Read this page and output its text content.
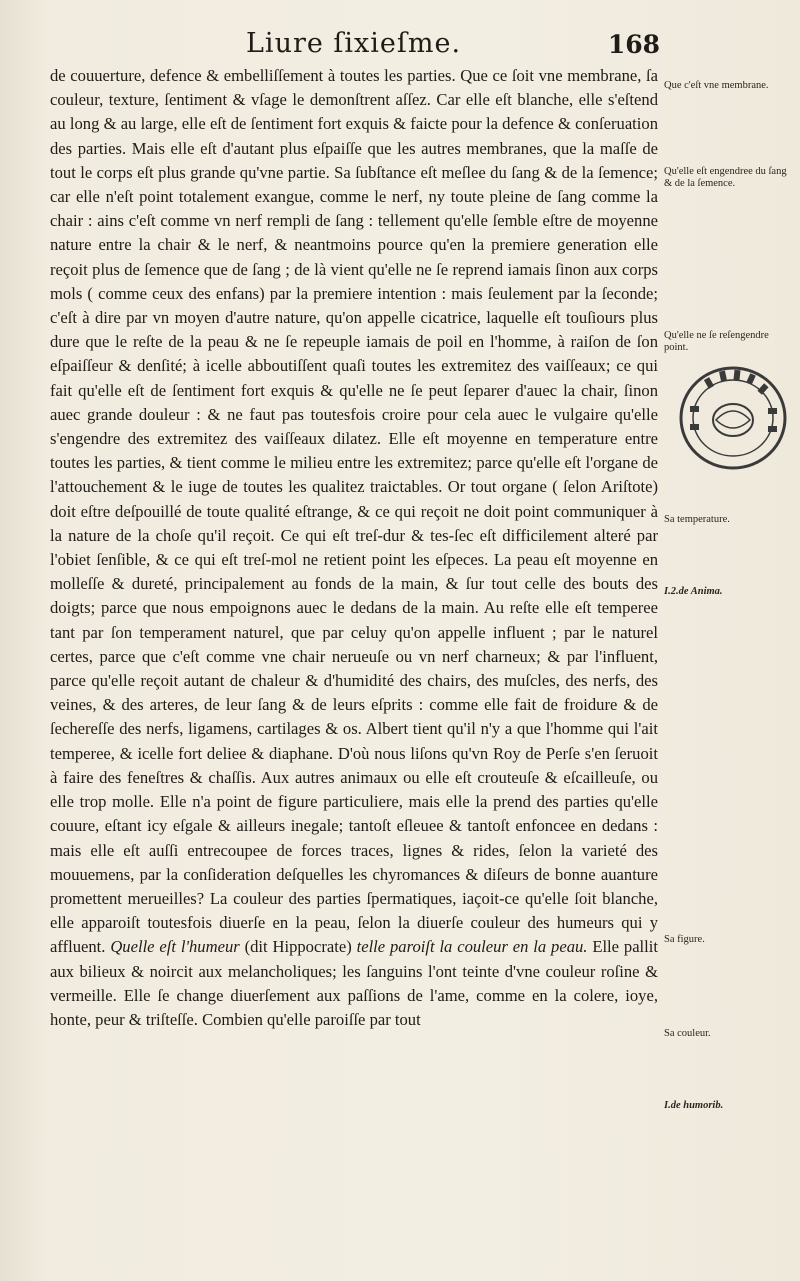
Liure ſixieſme.	168

de couuerture, defence & embelliſſement à toutes les parties. Que ce ſoit vne membrane, ſa couleur, texture, ſentiment & vſage le demonſtrent aſſez. Car elle eſt blanche, elle s'eſtend au long & au large, elle eſt de ſentiment fort exquis & faicte pour la defence & conſeruation des parties. Mais elle eſt d'autant plus eſpaiſſe que les autres membranes, que la maſſe de tout le corps eſt plus grande qu'vne partie. Sa ſubſtance eſt meſlee du ſang & de la ſemence; car elle n'eſt point totalement exangue, comme le nerf, ny toute pleine de ſang comme la chair : ains c'eſt comme vn nerf rempli de ſang : tellement qu'elle ſemble eſtre de moyenne nature entre la chair & le nerf, & neantmoins pource qu'en la premiere generation elle reçoit plus de ſemence que de ſang ; de là vient qu'elle ne ſe reprend iamais ſinon aux corps mols ( comme ceux des enfans) par la premiere intention : mais ſeulement par la ſeconde; c'eſt à dire par vn moyen d'autre nature, qu'on appelle cicatrice, laquelle eſt touſiours plus dure que le reſte de la peau & ne ſe repeuple iamais de poil en l'homme, à raiſon de ſon eſpaiſſeur & denſité; à icelle abboutiſſent quaſi toutes les extremitez des vaiſſeaux; ce qui fait qu'elle eſt de ſentiment fort exquis & qu'elle ne ſe peut ſeparer d'auec la chair, ſinon auec grande douleur : & ne faut pas toutesfois croire pour cela auec le vulgaire qu'elle s'engendre des extremitez des vaiſſeaux dilatez. Elle eſt moyenne en temperature entre toutes les parties, & tient comme le milieu entre les extremitez; parce qu'elle eſt l'organe de l'attouchement & le iuge de toutes les qualitez traictables. Or tout organe ( ſelon Ariſtote) doit eſtre deſpouillé de toute qualité eſtrange, & ce qui reçoit ne doit point communiquer à la nature de la choſe qu'il reçoit. Ce qui eſt treſ-dur & tes-ſec eſt difficilement alteré par l'obiet ſenſible, & ce qui eſt treſ-mol ne retient point les eſpeces. La peau eſt moyenne en molleſſe & dureté, principalement au fonds de la main, & ſur tout celle des bouts des doigts; parce que nous empoignons auec le dedans de la main. Au reſte elle eſt temperee tant par ſon temperament naturel, que par celuy qu'on appelle influent ; par le naturel certes, parce que c'eſt comme vne chair nerueuſe ou vn nerf charneux; & par l'influent, parce qu'elle reçoit autant de chaleur & d'humidité des chairs, des muſcles, des nerfs, des veines, & des arteres, de leur ſang & de leurs eſprits : comme elle fait de froidure & de ſechereſſe des nerfs, ligamens, cartilages & os. Albert tient qu'il n'y a que l'homme qui l'ait temperee, & icelle fort deliee & diaphane. D'où nous liſons qu'vn Roy de Perſe s'en ſeruoit à faire des feneſtres & chaſſis. Aux autres animaux ou elle eſt crouteuſe & eſcailleuſe, ou elle trop molle. Elle n'a point de figure particuliere, mais elle la prend des parties qu'elle couure, eſtant icy eſgale & ailleurs inegale; tantoſt eſleuee & tantoſt enfoncee en dedans : mais elle eſt auſſi entrecoupee de forces traces, lignes & rides, ſelon la varieté des mouuemens, par la conſideration deſquelles les chyromances & diſeurs de bonne auanture promettent merueilles? La couleur des parties ſpermatiques, iaçoit-ce qu'elle ſoit blanche, elle apparoiſt toutesfois diuerſe en la peau, ſelon la diuerſe couleur des humeurs qui y affluent. Quelle eſt l'humeur (dit Hippocrate) telle paroiſt la couleur en la peau. Elle pallit aux bilieux & noircit aux melancholiques; les ſanguins l'ont teinte d'vne couleur roſine & vermeille. Elle ſe change diuerſement aux paſſions de l'ame, comme en la colere, ioye, honte, peur & triſteſſe. Combien qu'elle paroiſſe par tout

Que c'eſt vne membrane.
Qu'elle eſt engendree du ſang & de la ſemence.
Qu'elle ne ſe reſengendre point.
Sa temperature.
I.2.de Anima.
Sa figure.
Sa couleur.
I.de humorib.
